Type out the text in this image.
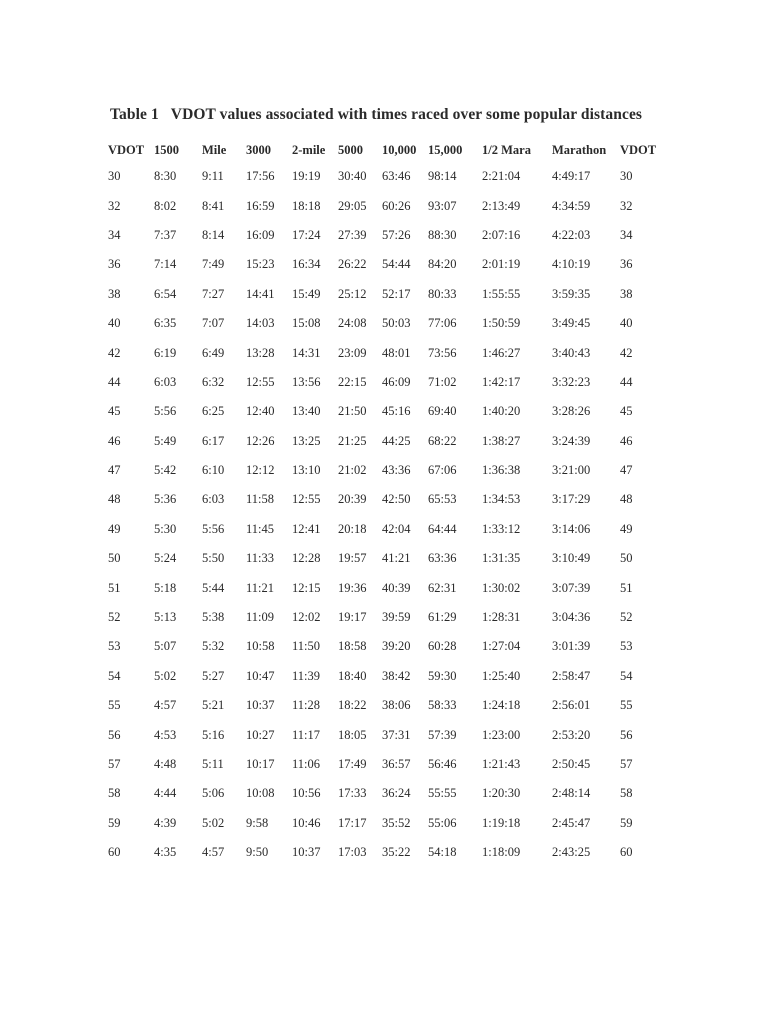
Table 1 VDOT values associated with times raced over some popular distances
VDOT	1500	Mile	3000	2-mile	5000	10,000	15,000	1/2 Mara	Marathon	VDOT
30	8:30	9:11	17:56	19:19	30:40	63:46	98:14	2:21:04	4:49:17	30
32	8:02	8:41	16:59	18:18	29:05	60:26	93:07	2:13:49	4:34:59	32
34	7:37	8:14	16:09	17:24	27:39	57:26	88:30	2:07:16	4:22:03	34
36	7:14	7:49	15:23	16:34	26:22	54:44	84:20	2:01:19	4:10:19	36
38	6:54	7:27	14:41	15:49	25:12	52:17	80:33	1:55:55	3:59:35	38
40	6:35	7:07	14:03	15:08	24:08	50:03	77:06	1:50:59	3:49:45	40
42	6:19	6:49	13:28	14:31	23:09	48:01	73:56	1:46:27	3:40:43	42
44	6:03	6:32	12:55	13:56	22:15	46:09	71:02	1:42:17	3:32:23	44
45	5:56	6:25	12:40	13:40	21:50	45:16	69:40	1:40:20	3:28:26	45
46	5:49	6:17	12:26	13:25	21:25	44:25	68:22	1:38:27	3:24:39	46
47	5:42	6:10	12:12	13:10	21:02	43:36	67:06	1:36:38	3:21:00	47
48	5:36	6:03	11:58	12:55	20:39	42:50	65:53	1:34:53	3:17:29	48
49	5:30	5:56	11:45	12:41	20:18	42:04	64:44	1:33:12	3:14:06	49
50	5:24	5:50	11:33	12:28	19:57	41:21	63:36	1:31:35	3:10:49	50
51	5:18	5:44	11:21	12:15	19:36	40:39	62:31	1:30:02	3:07:39	51
52	5:13	5:38	11:09	12:02	19:17	39:59	61:29	1:28:31	3:04:36	52
53	5:07	5:32	10:58	11:50	18:58	39:20	60:28	1:27:04	3:01:39	53
54	5:02	5:27	10:47	11:39	18:40	38:42	59:30	1:25:40	2:58:47	54
55	4:57	5:21	10:37	11:28	18:22	38:06	58:33	1:24:18	2:56:01	55
56	4:53	5:16	10:27	11:17	18:05	37:31	57:39	1:23:00	2:53:20	56
57	4:48	5:11	10:17	11:06	17:49	36:57	56:46	1:21:43	2:50:45	57
58	4:44	5:06	10:08	10:56	17:33	36:24	55:55	1:20:30	2:48:14	58
59	4:39	5:02	9:58	10:46	17:17	35:52	55:06	1:19:18	2:45:47	59
60	4:35	4:57	9:50	10:37	17:03	35:22	54:18	1:18:09	2:43:25	60
